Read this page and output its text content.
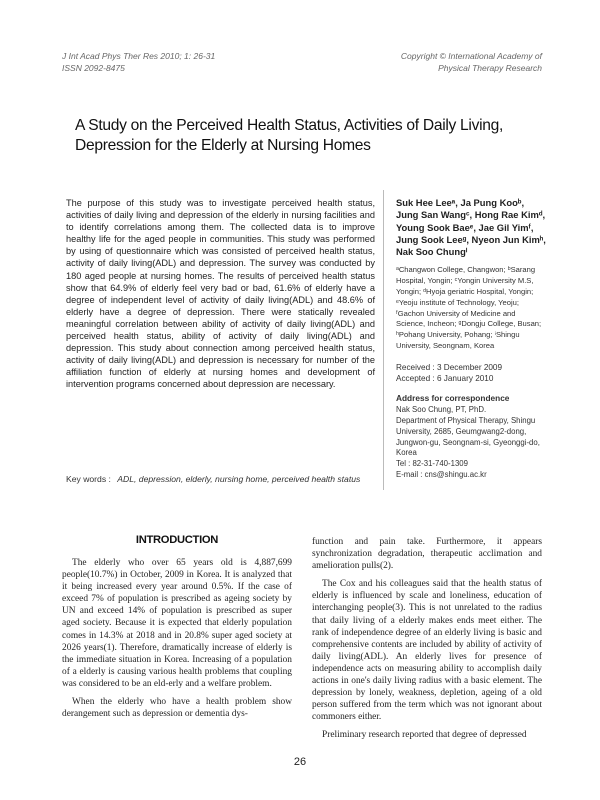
J Int Acad Phys Ther Res 2010; 1: 26-31
ISSN 2092-8475
Copyright © International Academy of
Physical Therapy Research
A Study on the Perceived Health Status, Activities of Daily Living,
Depression for the Elderly at Nursing Homes
The purpose of this study was to investigate perceived health status, activities of daily living and depression of the elderly in nursing facilities and to identify correlations among them. The collected data is to improve healthy life for the aged people in communities. This study was performed by using of questionnaire which was consisted of perceived health status, activity of daily living(ADL) and depression. The survey was conducted by 180 aged people at nursing homes. The results of perceived health status show that 64.9% of elderly feel very bad or bad, 61.6% of elderly have a degree of independent level of activity of daily living(ADL) and 48.6% of elderly have a degree of depression. There were statically revealed meaningful correlation between ability of activity of daily living(ADL) and perceived health status, ability of activity of daily living(ADL) and depression. This study about connection among perceived health status, activity of daily living(ADL) and depression is necessary for number of the affiliation function of elderly at nursing homes and development of intervention programs concerned about depression are necessary.
Key words : ADL, depression, elderly, nursing home, perceived health status
Suk Hee Leeᵃ, Ja Pung Kooᵇ, Jung San Wangᶜ, Hong Rae Kimᵈ, Young Sook Baeᵉ, Jae Gil Yimᶠ, Jung Sook Leeᵍ, Nyeon Jun Kimʰ, Nak Soo Chungⁱ
ᵃChangwon College, Changwon; ᵇSarang Hospital, Yongin; ᶜYongin University M.S, Yongin; ᵈHyoja geriatric Hospital, Yongin; ᵉYeoju institute of Technology, Yeoju; ᶠGachon University of Medicine and Science, Incheon; ᵍDongju College, Busan; ʰPohang University, Pohang; ⁱShingu University, Seongnam, Korea
Received : 3 December 2009
Accepted : 6 January 2010
Address for correspondence
Nak Soo Chung, PT, PhD.
Department of Physical Therapy, Shingu University, 2685, Geumgwang2-dong, Jungwon-gu, Seongnam-si, Gyeonggi-do, Korea
Tel : 82-31-740-1309
E-mail : cns@shingu.ac.kr
INTRODUCTION

The elderly who over 65 years old is 4,887,699 people(10.7%) in October, 2009 in Korea. It is analyzed that it being increased every year around 0.5%. If the case of exceed 7% of population is prescribed as ageing society by UN and exceed 14% of population is prescribed as super aged society. Because it is expected that elderly population comes in 14.3% at 2018 and in 20.8% super aged society at 2026 years(1). Therefore, dramatically increase of elderly is the immediate situation in Korea. Increasing of a population of a elderly is causing various health problems that coupling was considered to be an eld-erly and a welfare problem.

When the elderly who have a health problem show derangement such as depression or dementia dys-

function and pain take. Furthermore, it appears synchronization degradation, therapeutic acclimation and amelioration pulls(2).

The Cox and his colleagues said that the health status of elderly is influenced by scale and loneliness, education of interchanging people(3). This is not unrelated to the radius that daily living of a elderly makes ends meet either. The rank of independence degree of an elderly living is basic and comprehensive contents are included by ability of activity of daily living(ADL). An elderly lives for presence of independence acts on measuring ability to accomplish daily actions in one's daily living radius with a basic element. The depression by lonely, weakness, depletion, ageing of a old person suffered from the term which was not ignorant about commoners either.

Preliminary research reported that degree of depressed

26
